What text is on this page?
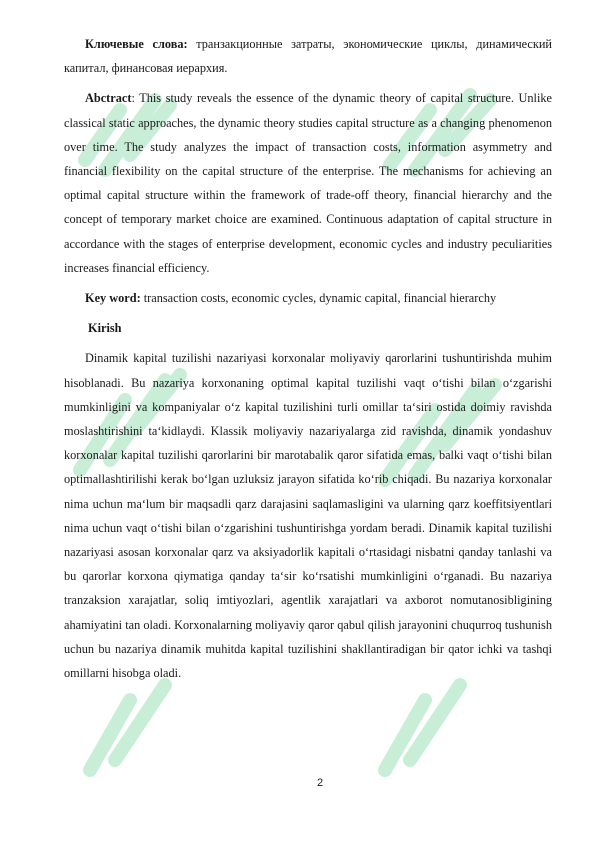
Ключевые слова: транзакционные затраты, экономические циклы, динамический капитал, финансовая иерархия.

Abctract: This study reveals the essence of the dynamic theory of capital structure. Unlike classical static approaches, the dynamic theory studies capital structure as a changing phenomenon over time. The study analyzes the impact of transaction costs, information asymmetry and financial flexibility on the capital structure of the enterprise. The mechanisms for achieving an optimal capital structure within the framework of trade-off theory, financial hierarchy and the concept of temporary market choice are examined. Continuous adaptation of capital structure in accordance with the stages of enterprise development, economic cycles and industry peculiarities increases financial efficiency.

Key word: transaction costs, economic cycles, dynamic capital, financial hierarchy

Kirish

Dinamik kapital tuzilishi nazariyasi korxonalar moliyaviy qarorlarini tushuntirishda muhim hisoblanadi. Bu nazariya korxonaning optimal kapital tuzilishi vaqt o‘tishi bilan o‘zgarishi mumkinligini va kompaniyalar o‘z kapital tuzilishini turli omillar ta‘siri ostida doimiy ravishda moslashtirishini ta‘kidlaydi. Klassik moliyaviy nazariyalarga zid ravishda, dinamik yondashuv korxonalar kapital tuzilishi qarorlarini bir marotabalik qaror sifatida emas, balki vaqt o‘tishi bilan optimallashtirilishi kerak bo‘lgan uzluksiz jarayon sifatida ko‘rib chiqadi. Bu nazariya korxonalar nima uchun ma‘lum bir maqsadli qarz darajasini saqlamasligini va ularning qarz koeffitsiyentlari nima uchun vaqt o‘tishi bilan o‘zgarishini tushuntirishga yordam beradi. Dinamik kapital tuzilishi nazariyasi asosan korxonalar qarz va aksiyadorlik kapitali o‘rtasidagi nisbatni qanday tanlashi va bu qarorlar korxona qiymatiga qanday ta‘sir ko‘rsatishi mumkinligini o‘rganadi. Bu nazariya tranzaksion xarajatlar, soliq imtiyozlari, agentlik xarajatlari va axborot nomutanosibligining ahamiyatini tan oladi. Korxonalarning moliyaviy qaror qabul qilish jarayonini chuqurroq tushunish uchun bu nazariya dinamik muhitda kapital tuzilishini shakllantiradigan bir qator ichki va tashqi omillarni hisobga oladi.

2
